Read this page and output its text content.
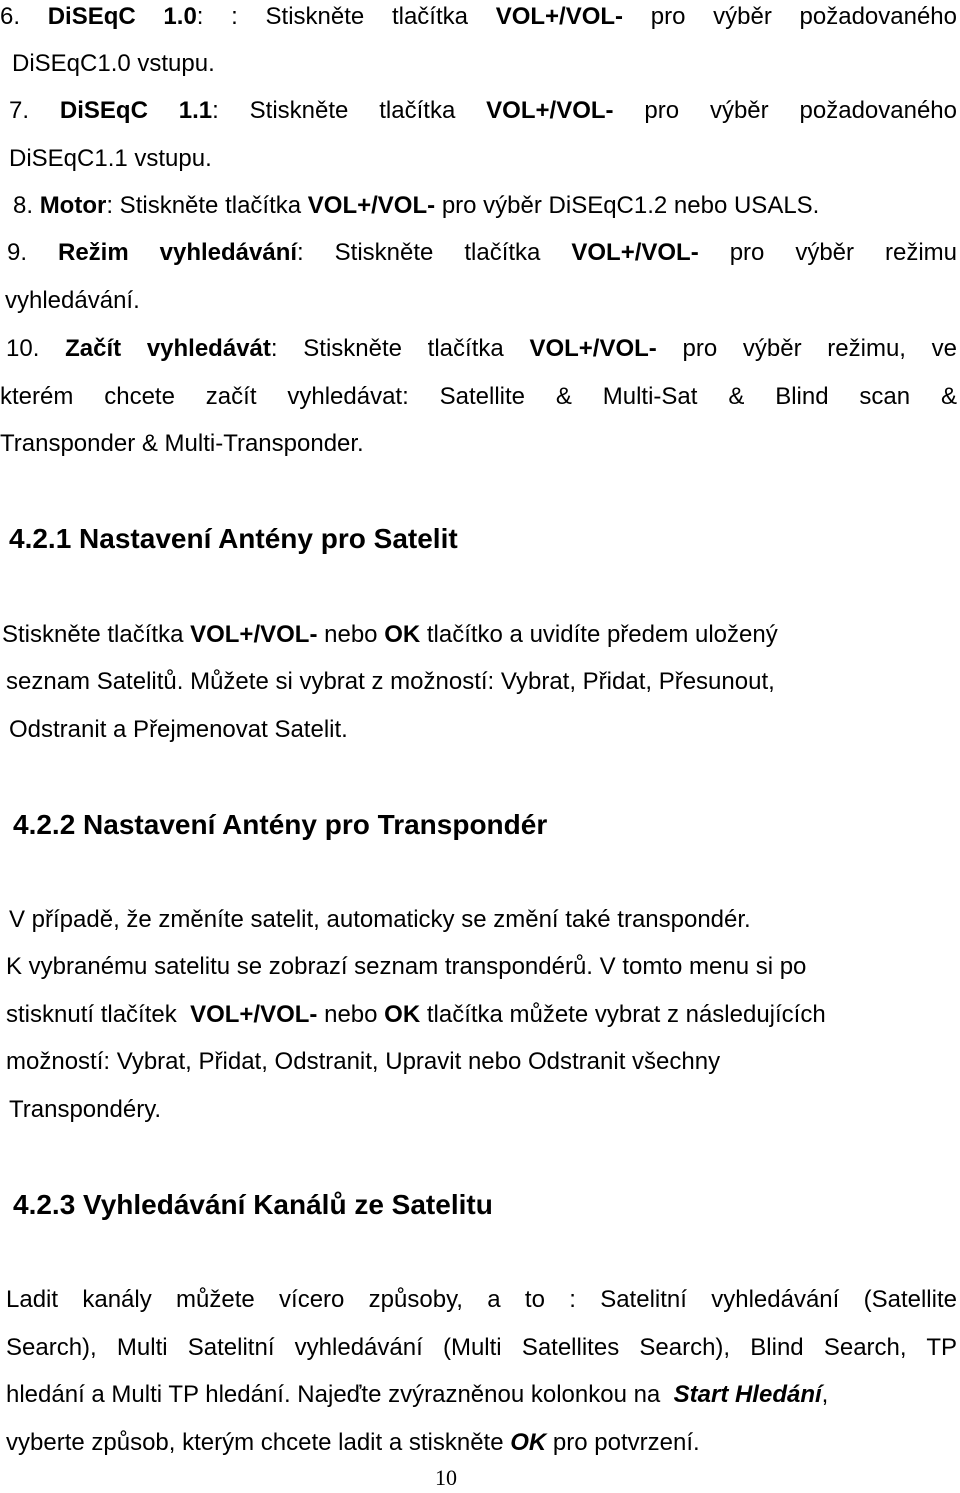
6. DiSEqC 1.0: : Stiskněte tlačítka VOL+/VOL- pro výběr požadovaného

DiSEqC1.0 vstupu.

7. DiSEqC 1.1: Stiskněte tlačítka VOL+/VOL- pro výběr požadovaného

DiSEqC1.1 vstupu.

8. Motor: Stiskněte tlačítka VOL+/VOL- pro výběr DiSEqC1.2 nebo USALS.

9. Režim vyhledávání: Stiskněte tlačítka VOL+/VOL- pro výběr režimu

vyhledávání.

10. Začít vyhledávát: Stiskněte tlačítka VOL+/VOL- pro výběr režimu, ve

kterém chcete začít vyhledávat: Satellite & Multi-Sat & Blind scan &

Transponder & Multi-Transponder.

4.2.1 Nastavení Antény pro Satelit

Stiskněte tlačítka VOL+/VOL- nebo OK tlačítko a uvidíte předem uložený

seznam Satelitů. Můžete si vybrat z možností: Vybrat, Přidat, Přesunout,

Odstranit a Přejmenovat Satelit.

4.2.2 Nastavení Antény pro Transpondér

V případě, že změníte satelit, automaticky se změní také transpondér.

K vybranému satelitu se zobrazí seznam transpondérů. V tomto menu si po

stisknutí tlačítek VOL+/VOL- nebo OK tlačítka můžete vybrat z následujících

možností: Vybrat, Přidat, Odstranit, Upravit nebo Odstranit všechny

Transpondéry.

4.2.3 Vyhledávání Kanálů ze Satelitu

Ladit kanály můžete vícero způsoby, a to : Satelitní vyhledávání (Satellite

Search), Multi Satelitní vyhledávání (Multi Satellites Search), Blind Search, TP

hledání a Multi TP hledání. Najeďte zvýrazněnou kolonkou na Start Hledání,

vyberte způsob, kterým chcete ladit a stiskněte OK pro potvrzení.

10
